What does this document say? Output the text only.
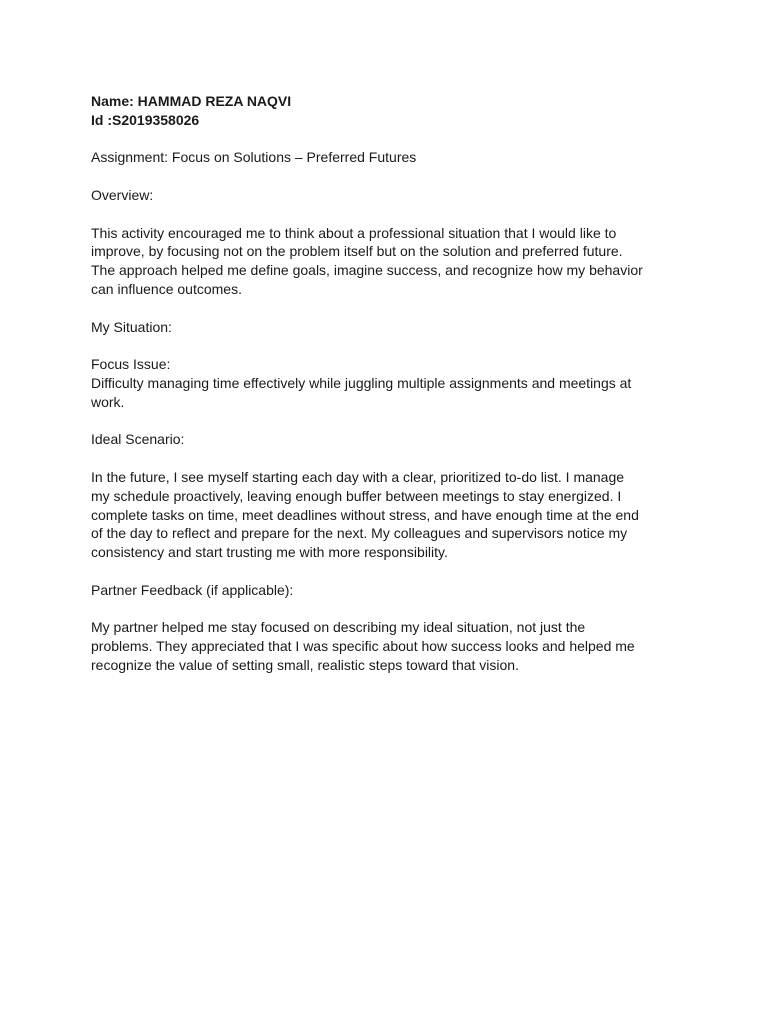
Name: HAMMAD REZA NAQVI

Id :S2019358026

Assignment: Focus on Solutions – Preferred Futures

Overview:

This activity encouraged me to think about a professional situation that I would like to

improve, by focusing not on the problem itself but on the solution and preferred future.

The approach helped me define goals, imagine success, and recognize how my behavior

can influence outcomes.

My Situation:

Focus Issue:

Difficulty managing time effectively while juggling multiple assignments and meetings at

work.

Ideal Scenario:

In the future, I see myself starting each day with a clear, prioritized to-do list. I manage

my schedule proactively, leaving enough buffer between meetings to stay energized. I

complete tasks on time, meet deadlines without stress, and have enough time at the end

of the day to reflect and prepare for the next. My colleagues and supervisors notice my

consistency and start trusting me with more responsibility.

Partner Feedback (if applicable):

My partner helped me stay focused on describing my ideal situation, not just the

problems. They appreciated that I was specific about how success looks and helped me

recognize the value of setting small, realistic steps toward that vision.
